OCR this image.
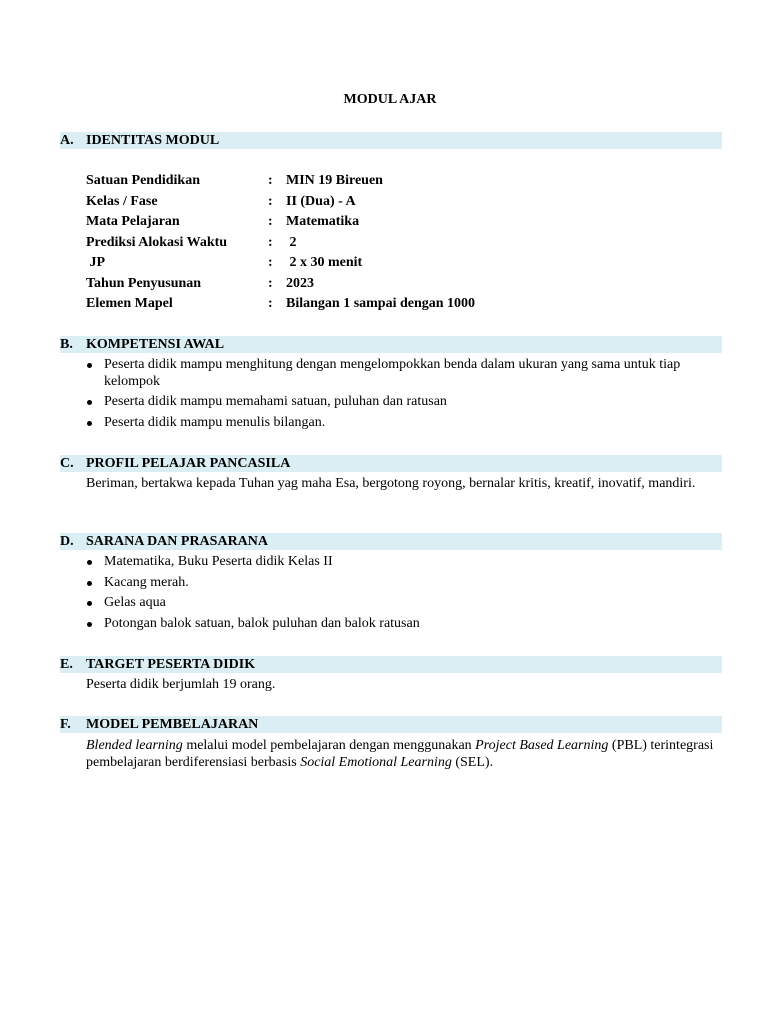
MODUL AJAR
A. IDENTITAS MODUL
Satuan Pendidikan	: MIN 19 Bireuen
Kelas / Fase	: II (Dua) - A
Mata Pelajaran	: Matematika
Prediksi Alokasi Waktu	: 2
JP	: 2 x 30 menit
Tahun Penyusunan	: 2023
Elemen Mapel	: Bilangan 1 sampai dengan 1000
B. KOMPETENSI AWAL
Peserta didik mampu menghitung dengan mengelompokkan benda dalam ukuran yang sama untuk tiap kelompok
Peserta didik mampu memahami satuan, puluhan dan ratusan
Peserta didik mampu menulis bilangan.
C. PROFIL PELAJAR PANCASILA
Beriman, bertakwa kepada Tuhan yag maha Esa, bergotong royong, bernalar kritis, kreatif, inovatif, mandiri.
D. SARANA DAN PRASARANA
Matematika, Buku Peserta didik Kelas II
Kacang merah.
Gelas aqua
Potongan balok satuan, balok puluhan dan balok ratusan
E. TARGET PESERTA DIDIK
Peserta didik berjumlah 19 orang.
F. MODEL PEMBELAJARAN
Blended learning melalui model pembelajaran dengan menggunakan Project Based Learning (PBL) terintegrasi pembelajaran berdiferensiasi berbasis Social Emotional Learning (SEL).
